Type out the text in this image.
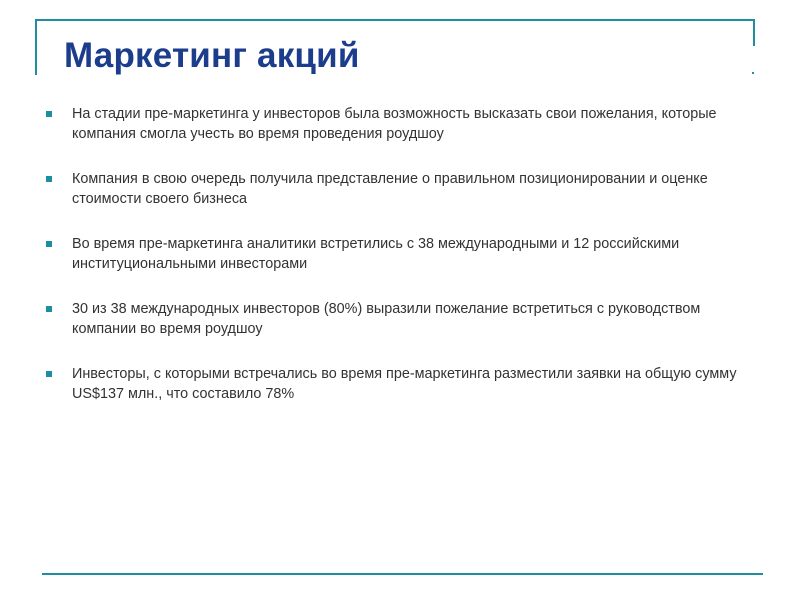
Маркетинг акций
На стадии пре-маркетинга у инвесторов была возможность высказать свои пожелания, которые компания смогла учесть во время проведения роудшоу
Компания в свою очередь получила представление о правильном позиционировании и оценке стоимости своего бизнеса
Во время пре-маркетинга аналитики встретились с 38 международными и 12 российскими институциональными инвесторами
30 из 38 международных инвесторов (80%) выразили пожелание встретиться с руководством компании во время роудшоу
Инвесторы, с которыми встречались во время пре-маркетинга разместили заявки на общую сумму US$137 млн., что составило 78%
